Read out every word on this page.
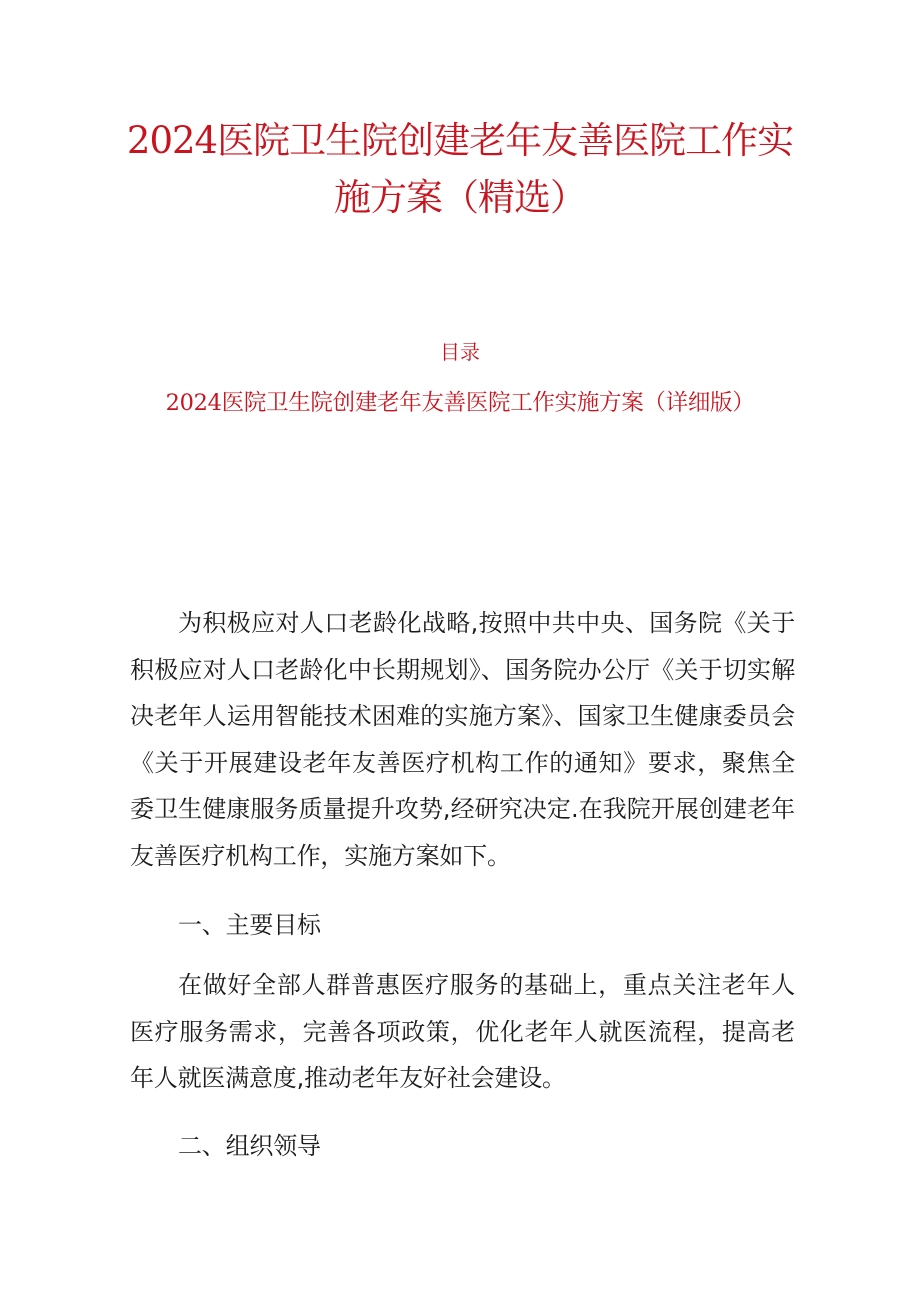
2024医院卫生院创建老年友善医院工作实施方案（精选）
目录
2024医院卫生院创建老年友善医院工作实施方案（详细版）
为积极应对人口老龄化战略,按照中共中央、国务院《关于积极应对人口老龄化中长期规划》、国务院办公厅《关于切实解决老年人运用智能技术困难的实施方案》、国家卫生健康委员会《关于开展建设老年友善医疗机构工作的通知》要求，聚焦全委卫生健康服务质量提升攻势,经研究决定.在我院开展创建老年友善医疗机构工作，实施方案如下。
一、主要目标
在做好全部人群普惠医疗服务的基础上，重点关注老年人医疗服务需求，完善各项政策，优化老年人就医流程，提高老年人就医满意度,推动老年友好社会建设。
二、组织领导
